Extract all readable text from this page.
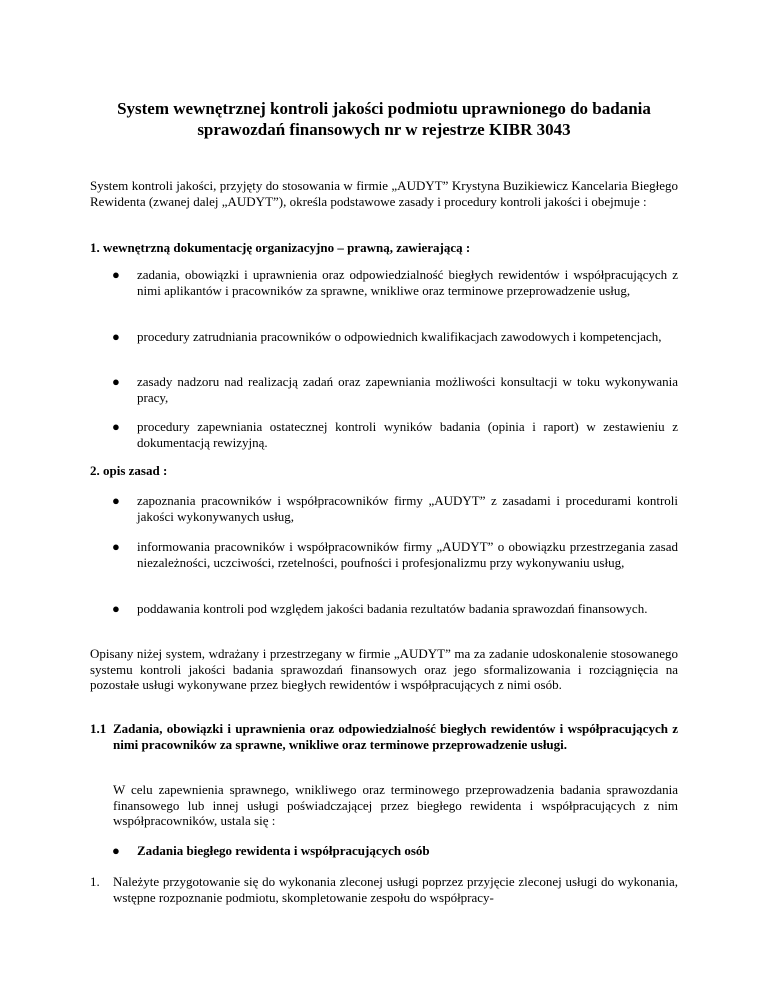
System wewnętrznej kontroli jakości podmiotu uprawnionego do badania sprawozdań finansowych nr w rejestrze KIBR 3043
System kontroli jakości, przyjęty do stosowania w firmie „AUDYT” Krystyna Buzikiewicz Kancelaria Biegłego Rewidenta (zwanej dalej „AUDYT”), określa podstawowe zasady i procedury kontroli jakości i obejmuje :
1. wewnętrzną dokumentację organizacyjno – prawną, zawierającą :
●	zadania, obowiązki i uprawnienia oraz odpowiedzialność biegłych rewidentów i współpracujących z nimi aplikantów i pracowników za sprawne, wnikliwe oraz terminowe przeprowadzenie usług,
●	procedury zatrudniania pracowników o odpowiednich kwalifikacjach zawodowych i kompetencjach,
●	zasady nadzoru nad realizacją zadań oraz zapewniania możliwości konsultacji w toku wykonywania pracy,
●	procedury zapewniania ostatecznej kontroli wyników badania (opinia i raport) w zestawieniu z dokumentacją rewizyjną.
2. opis zasad :
●	zapoznania pracowników i współpracowników firmy „AUDYT” z zasadami i procedurami kontroli jakości wykonywanych usług,
●	informowania pracowników i współpracowników firmy „AUDYT” o obowiązku przestrzegania zasad niezależności, uczciwości, rzetelności, poufności i profesjonalizmu przy wykonywaniu usług,
●	poddawania kontroli pod względem jakości badania rezultatów badania sprawozdań finansowych.
Opisany niżej system, wdrażany i przestrzegany w firmie „AUDYT” ma za zadanie udoskonalenie stosowanego systemu kontroli jakości badania sprawozdań finansowych oraz jego sformalizowania i rozciągnięcia na pozostałe usługi wykonywane przez biegłych rewidentów i współpracujących z nimi osób.
1.1 Zadania, obowiązki i uprawnienia oraz odpowiedzialność biegłych rewidentów i współpracujących z nimi pracowników za sprawne, wnikliwe oraz terminowe przeprowadzenie usługi.
W celu zapewnienia sprawnego, wnikliwego oraz terminowego przeprowadzenia badania sprawozdania finansowego lub innej usługi poświadczającej przez biegłego rewidenta i współpracujących z nim współpracowników, ustala się :
●	Zadania biegłego rewidenta i współpracujących osób
1. Należyte przygotowanie się do wykonania zleconej usługi poprzez przyjęcie zleconej usługi do wykonania, wstępne rozpoznanie podmiotu, skompletowanie zespołu do współpracy-
